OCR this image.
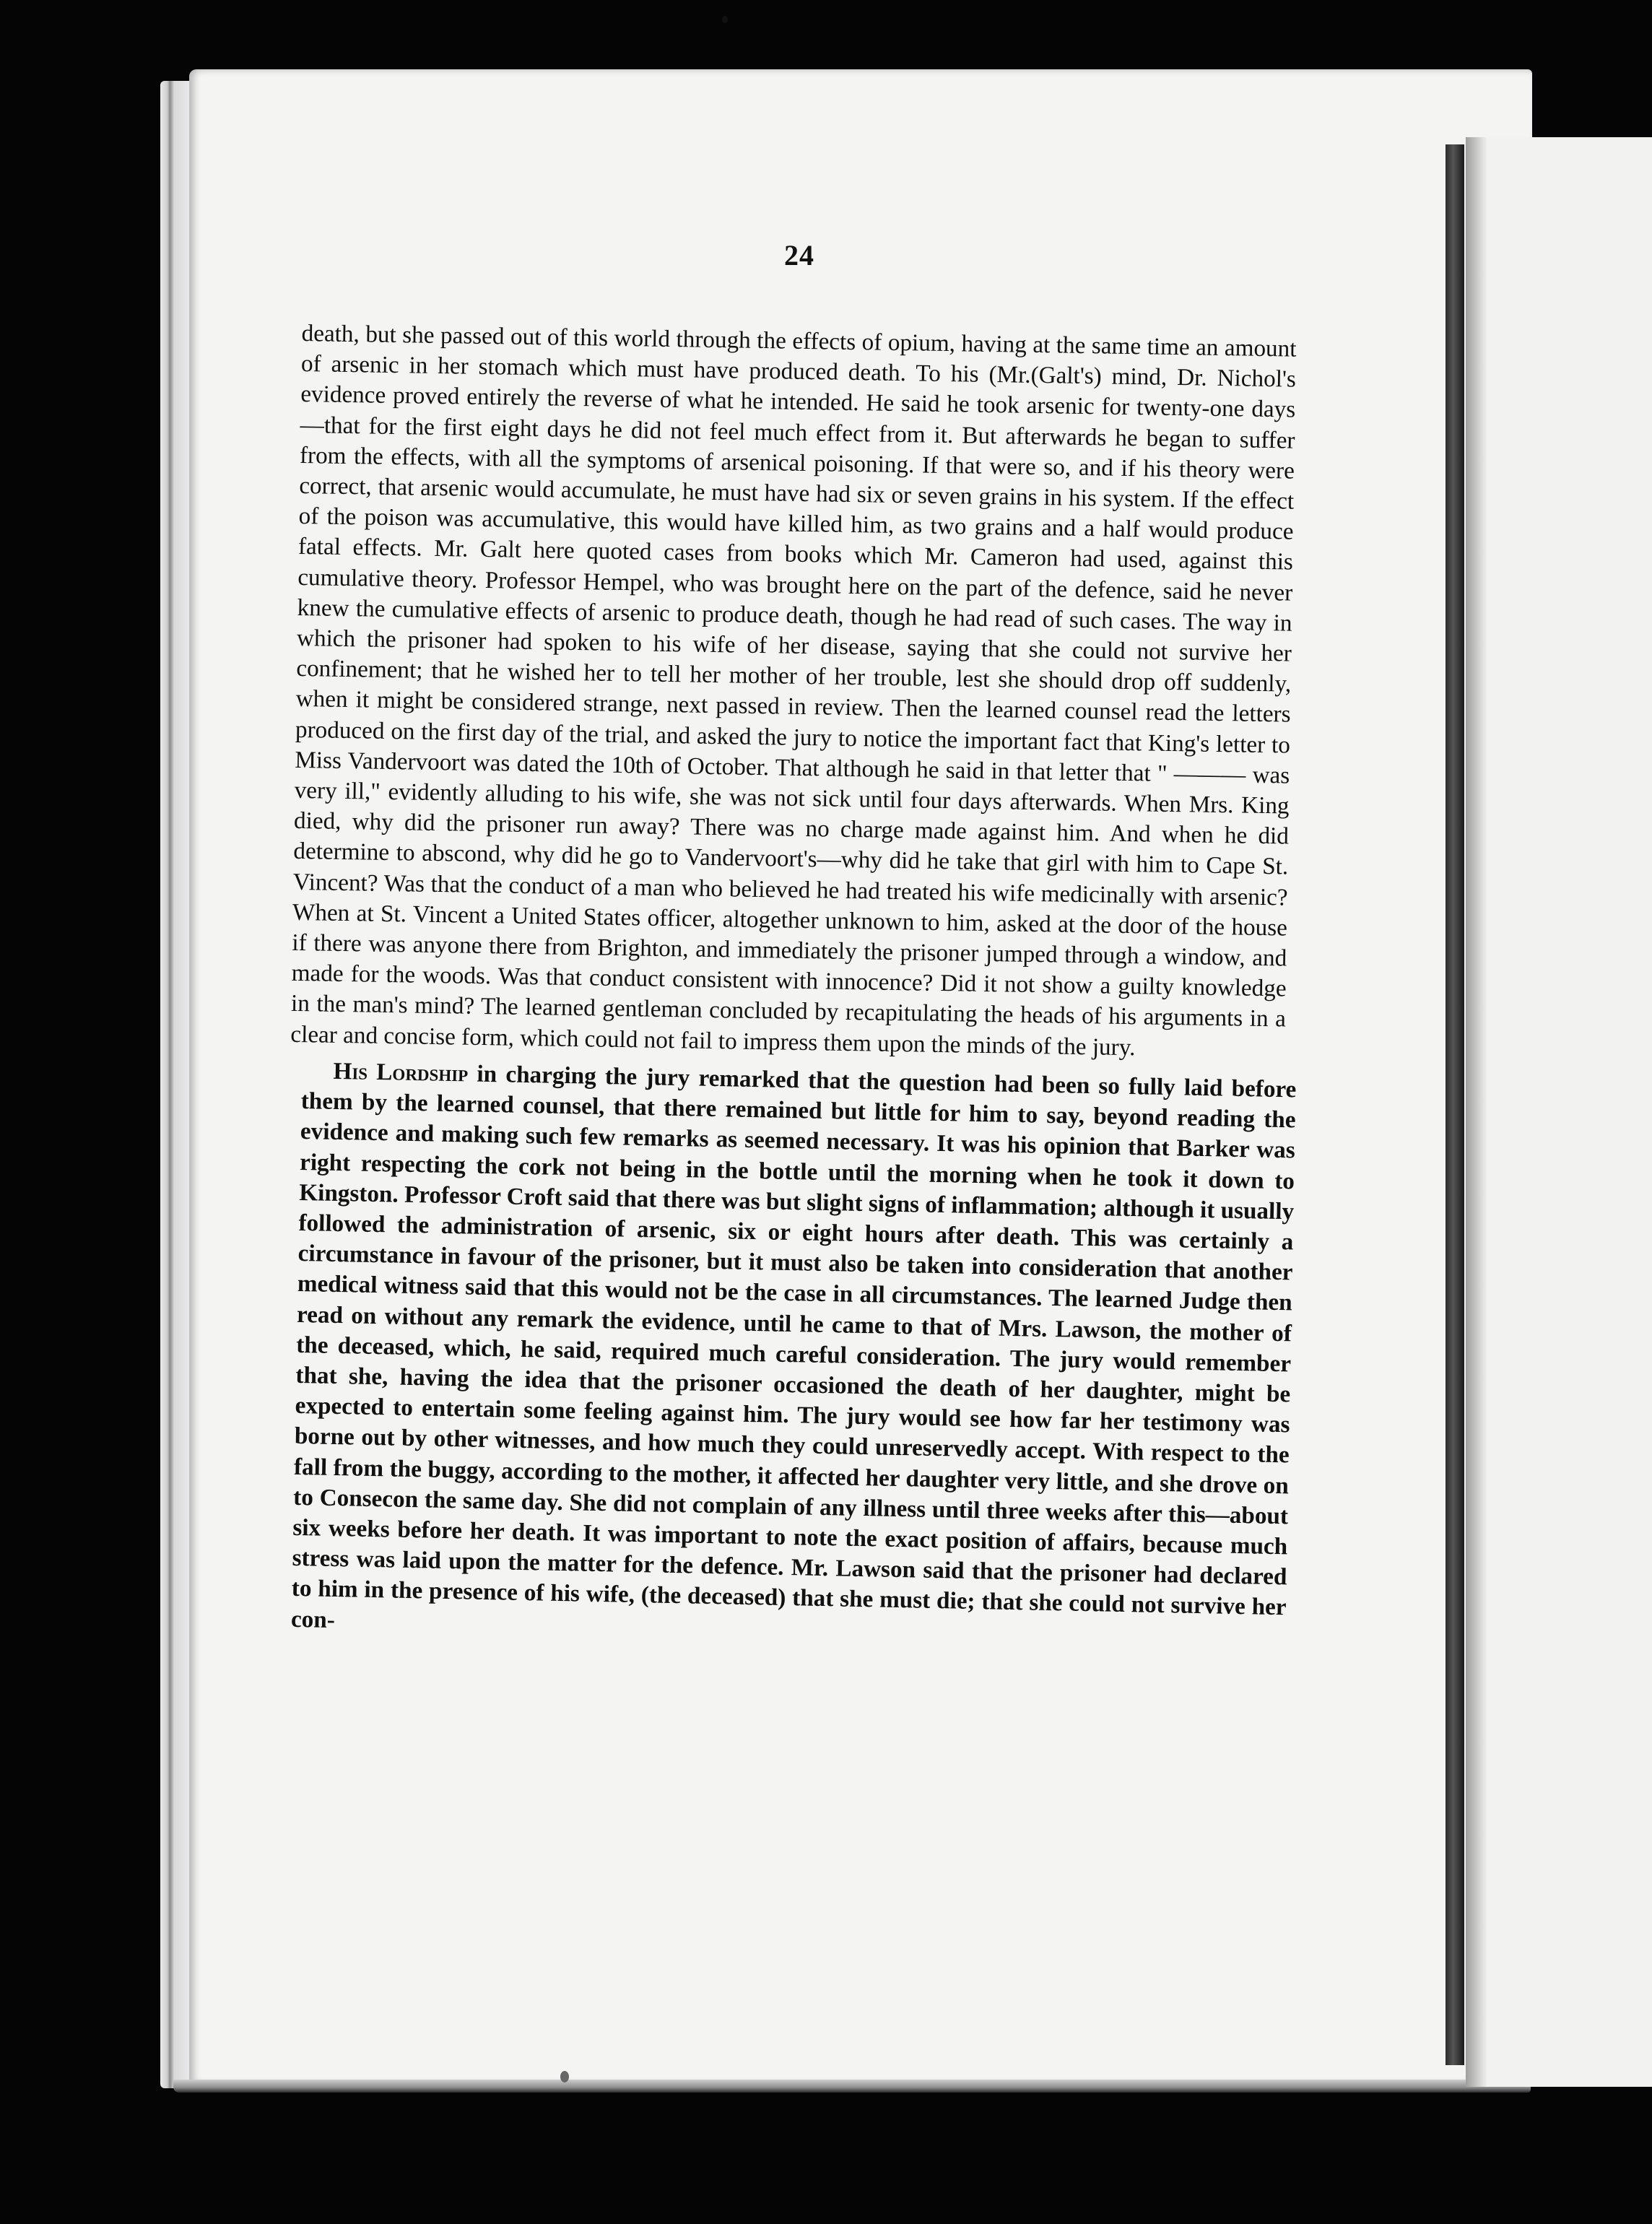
24

death, but she passed out of this world through the effects of opium, having at the same time an amount of arsenic in her stomach which must have produced death. To his (Mr.(Galt's) mind, Dr. Nichol's evidence proved entirely the reverse of what he intended. He said he took arsenic for twenty-one days —that for the first eight days he did not feel much effect from it. But afterwards he began to suffer from the effects, with all the symptoms of arsenical poisoning. If that were so, and if his theory were correct, that arsenic would accumulate, he must have had six or seven grains in his system. If the effect of the poison was accumulative, this would have killed him, as two grains and a half would produce fatal effects. Mr. Galt here quoted cases from books which Mr. Cameron had used, against this cumulative theory. Professor Hempel, who was brought here on the part of the defence, said he never knew the cumulative effects of arsenic to produce death, though he had read of such cases. The way in which the prisoner had spoken to his wife of her disease, saying that she could not survive her confinement; that he wished her to tell her mother of her trouble, lest she should drop off suddenly, when it might be considered strange, next passed in review. Then the learned counsel read the letters produced on the first day of the trial, and asked the jury to notice the important fact that King's letter to Miss Vandervoort was dated the 10th of October. That although he said in that letter that " ——— was very ill," evidently alluding to his wife, she was not sick until four days afterwards. When Mrs. King died, why did the prisoner run away? There was no charge made against him. And when he did determine to abscond, why did he go to Vandervoort's—why did he take that girl with him to Cape St. Vincent? Was that the conduct of a man who believed he had treated his wife medicinally with arsenic? When at St. Vincent a United States officer, altogether unknown to him, asked at the door of the house if there was anyone there from Brighton, and immediately the prisoner jumped through a window, and made for the woods. Was that conduct consistent with innocence? Did it not show a guilty knowledge in the man's mind? The learned gentleman concluded by recapitulating the heads of his arguments in a clear and concise form, which could not fail to impress them upon the minds of the jury.

His Lordship in charging the jury remarked that the question had been so fully laid before them by the learned counsel, that there remained but little for him to say, beyond reading the evidence and making such few remarks as seemed necessary. It was his opinion that Barker was right respecting the cork not being in the bottle until the morning when he took it down to Kingston. Professor Croft said that there was but slight signs of inflammation; although it usually followed the administration of arsenic, six or eight hours after death. This was certainly a circumstance in favour of the prisoner, but it must also be taken into consideration that another medical witness said that this would not be the case in all circumstances. The learned Judge then read on without any remark the evidence, until he came to that of Mrs. Lawson, the mother of the deceased, which, he said, required much careful consideration. The jury would remember that she, having the idea that the prisoner occasioned the death of her daughter, might be expected to entertain some feeling against him. The jury would see how far her testimony was borne out by other witnesses, and how much they could unreservedly accept. With respect to the fall from the buggy, according to the mother, it affected her daughter very little, and she drove on to Consecon the same day. She did not complain of any illness until three weeks after this—about six weeks before her death. It was important to note the exact position of affairs, because much stress was laid upon the matter for the defence. Mr. Lawson said that the prisoner had declared to him in the presence of his wife, (the deceased) that she must die; that she could not survive her con-
